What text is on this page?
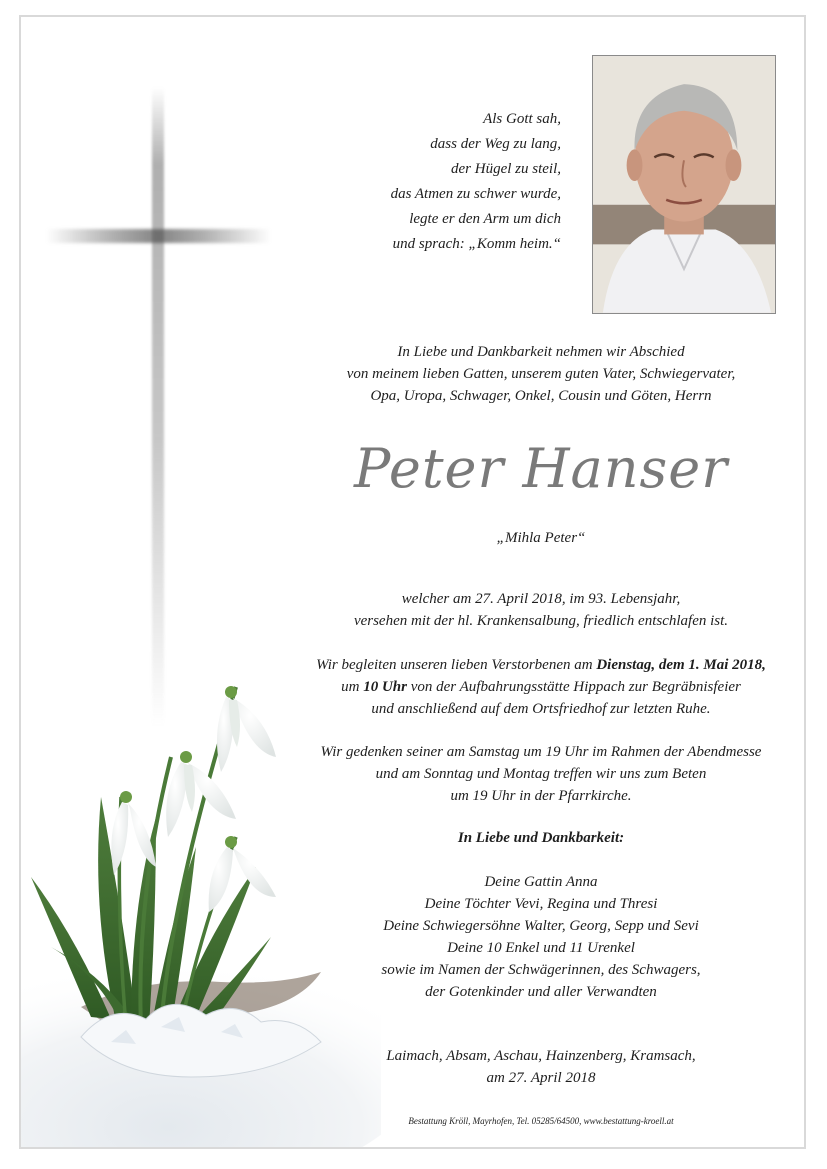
Als Gott sah,
dass der Weg zu lang,
der Hügel zu steil,
das Atmen zu schwer wurde,
legte er den Arm um dich
und sprach: „Komm heim.“
In Liebe und Dankbarkeit nehmen wir Abschied
von meinem lieben Gatten, unserem guten Vater, Schwiegervater,
Opa, Uropa, Schwager, Onkel, Cousin und Göten, Herrn
Peter Hanser
„Mihla Peter“
welcher am 27. April 2018, im 93. Lebensjahr,
versehen mit der hl. Krankensalbung, friedlich entschlafen ist.
Wir begleiten unseren lieben Verstorbenen am Dienstag, dem 1. Mai 2018,
um 10 Uhr von der Aufbahrungsstätte Hippach zur Begräbnisfeier
und anschließend auf dem Ortsfriedhof zur letzten Ruhe.
Wir gedenken seiner am Samstag um 19 Uhr im Rahmen der Abendmesse
und am Sonntag und Montag treffen wir uns zum Beten
um 19 Uhr in der Pfarrkirche.
In Liebe und Dankbarkeit:
Deine Gattin Anna
Deine Töchter Vevi, Regina und Thresi
Deine Schwiegersöhne Walter, Georg, Sepp und Sevi
Deine 10 Enkel und 11 Urenkel
sowie im Namen der Schwägerinnen, des Schwagers,
der Gotenkinder und aller Verwandten
Laimach, Absam, Aschau, Hainzenberg, Kramsach,
am 27. April 2018
Bestattung Kröll, Mayrhofen, Tel. 05285/64500, www.bestattung-kroell.at
